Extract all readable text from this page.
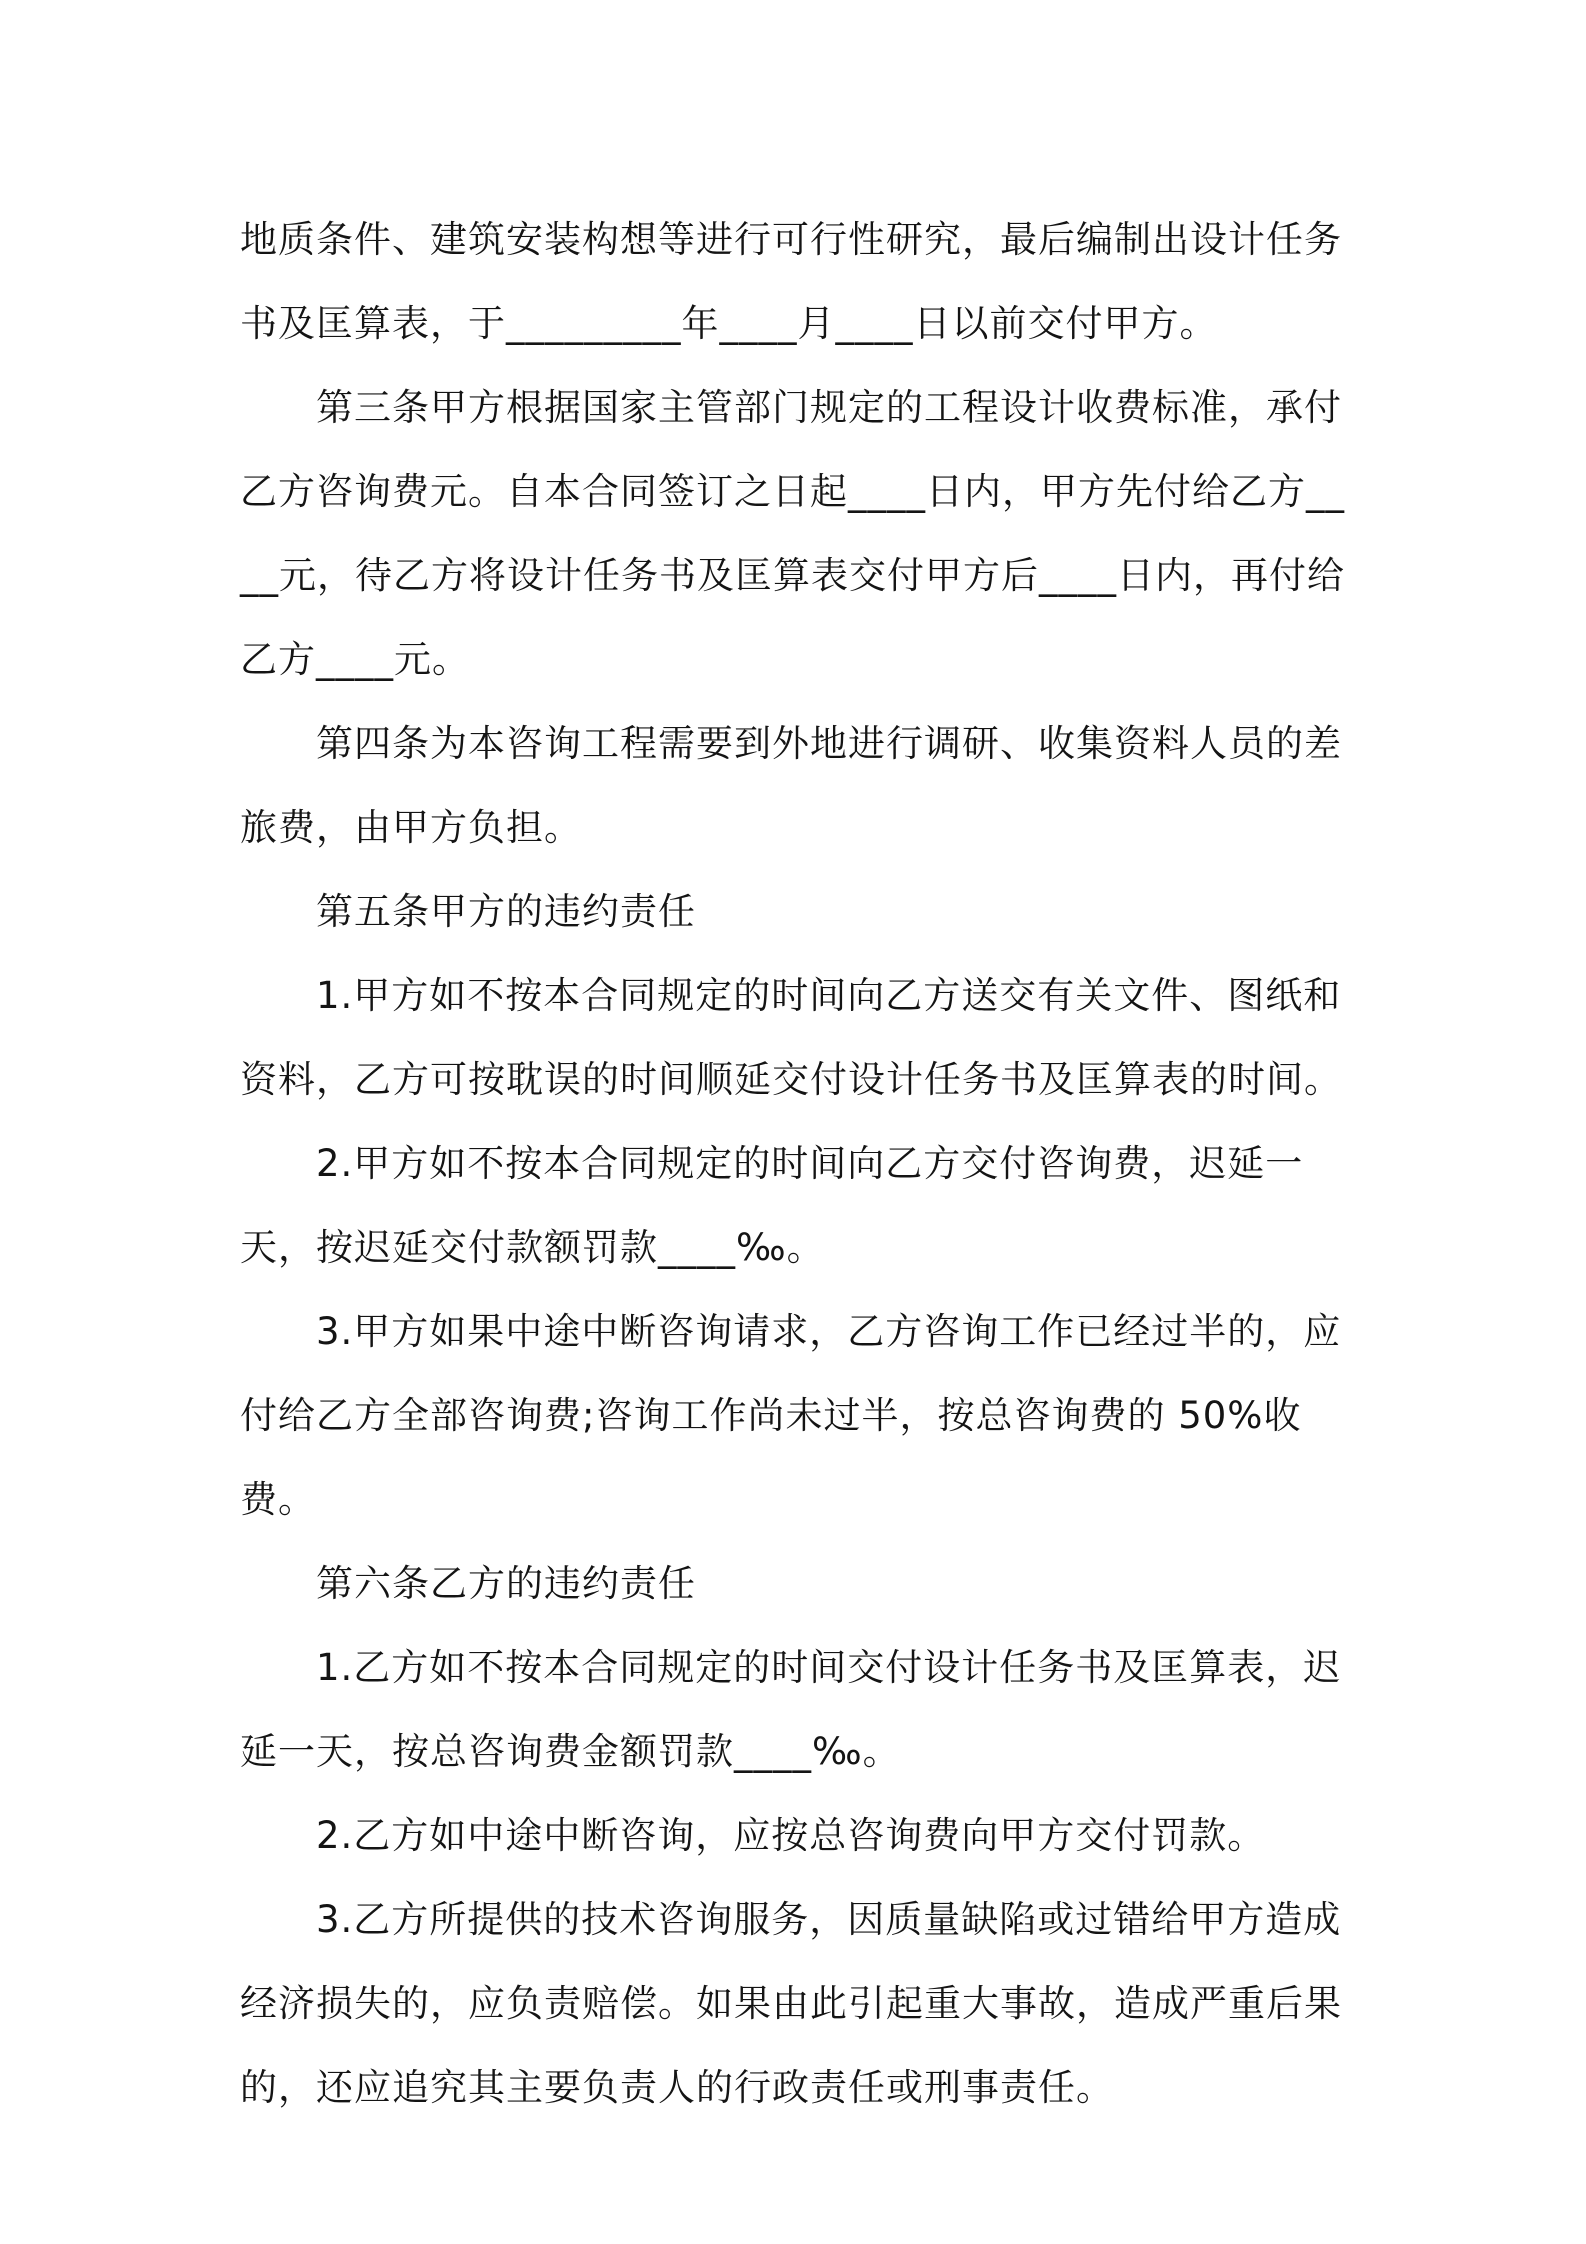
地质条件、建筑安装构想等进行可行性研究，最后编制出设计任务书及匡算表，于_________年____月____日以前交付甲方。

第三条甲方根据国家主管部门规定的工程设计收费标准，承付乙方咨询费元。自本合同签订之日起____日内，甲方先付给乙方____元，待乙方将设计任务书及匡算表交付甲方后____日内，再付给乙方____元。

第四条为本咨询工程需要到外地进行调研、收集资料人员的差旅费，由甲方负担。

第五条甲方的违约责任

1.甲方如不按本合同规定的时间向乙方送交有关文件、图纸和资料，乙方可按耽误的时间顺延交付设计任务书及匡算表的时间。

2.甲方如不按本合同规定的时间向乙方交付咨询费，迟延一天，按迟延交付款额罚款____‰。

3.甲方如果中途中断咨询请求，乙方咨询工作已经过半的，应付给乙方全部咨询费;咨询工作尚未过半，按总咨询费的 50%收费。

第六条乙方的违约责任

1.乙方如不按本合同规定的时间交付设计任务书及匡算表，迟延一天，按总咨询费金额罚款____‰。

2.乙方如中途中断咨询，应按总咨询费向甲方交付罚款。

3.乙方所提供的技术咨询服务，因质量缺陷或过错给甲方造成经济损失的，应负责赔偿。如果由此引起重大事故，造成严重后果的，还应追究其主要负责人的行政责任或刑事责任。
